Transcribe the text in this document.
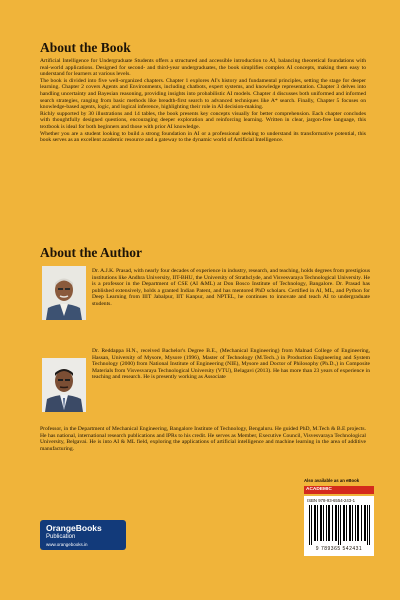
About the Book

Artificial Intelligence for Undergraduate Students offers a structured and accessible introduction to AI, balancing theoretical foundations with real-world applications. Designed for second- and third-year undergraduates, the book simplifies complex AI concepts, making them easy to understand for learners at various levels.

The book is divided into five well-organized chapters. Chapter 1 explores AI's history and fundamental principles, setting the stage for deeper learning. Chapter 2 covers Agents and Environments, including chatbots, expert systems, and knowledge representation. Chapter 3 delves into handling uncertainty and Bayesian reasoning, providing insights into probabilistic AI models. Chapter 4 discusses both uniformed and informed search strategies, ranging from basic methods like breadth-first search to advanced techniques like A* search. Finally, Chapter 5 focuses on knowledge-based agents, logic, and logical inference, highlighting their role in AI decision-making.

Richly supported by 30 illustrations and 14 tables, the book presents key concepts visually for better comprehension. Each chapter concludes with thoughtfully designed questions, encouraging deeper exploration and reinforcing learning. Written in clear, jargon-free language, this textbook is ideal for both beginners and those with prior AI knowledge.

Whether you are a student looking to build a strong foundation in AI or a professional seeking to understand its transformative potential, this book serves as an excellent academic resource and a gateway to the dynamic world of Artificial Intelligence.

About the Author

Dr. A.J.K. Prasad, with nearly four decades of experience in industry, research, and teaching, holds degrees from prestigious institutions like Andhra University, IIT-BHU, the University of Strathclyde, and Visvesvaraya Technological University. He is a professor in the Department of CSE (AI &ML) at Don Bosco Institute of Technology, Bangalore. Dr. Prasad has published extensively, holds a granted Indian Patent, and has mentored PhD scholars. Certified in AI, ML, and Python for Deep Learning from IIIT Jabalpur, IIT Kanpur, and NPTEL, he continues to innovate and teach AI to undergraduate students.

Dr. Reddappa H.N., received Bachelor's Degree B.E., (Mechanical Engineering) from Malnad College of Engineering, Hassan, University of Mysore, Mysore (1996), Master of Technology (M.Tech.,) in Production Engineering and System Technology (2000) from National Institute of Engineering (NIE), Mysore and Doctor of Philosophy (Ph.D.,) in Composite Materials from Visvesvaraya Technological University (VTU), Belagavi (2013). He has more than 23 years of experience in teaching and research. He is presently working as Associate

Professor, in the Department of Mechanical Engineering, Bangalore Institute of Technology, Bengaluru. He guided PhD, M.Tech & B.E projects. He has national, international research publications and IPRs to his credit. He serves as Member, Executive Council, Visvesvaraya Technological University, Belgavai. He is into AI & ML field, exploring the applications of artificial intelligence and machine learning in the area of additive manufacturing.

OrangeBooks
Publication
www.orangebooks.in
Also available as an eBook
ACADEMIC
ISBN 978-93-6554-243-1
9 789365 542431
